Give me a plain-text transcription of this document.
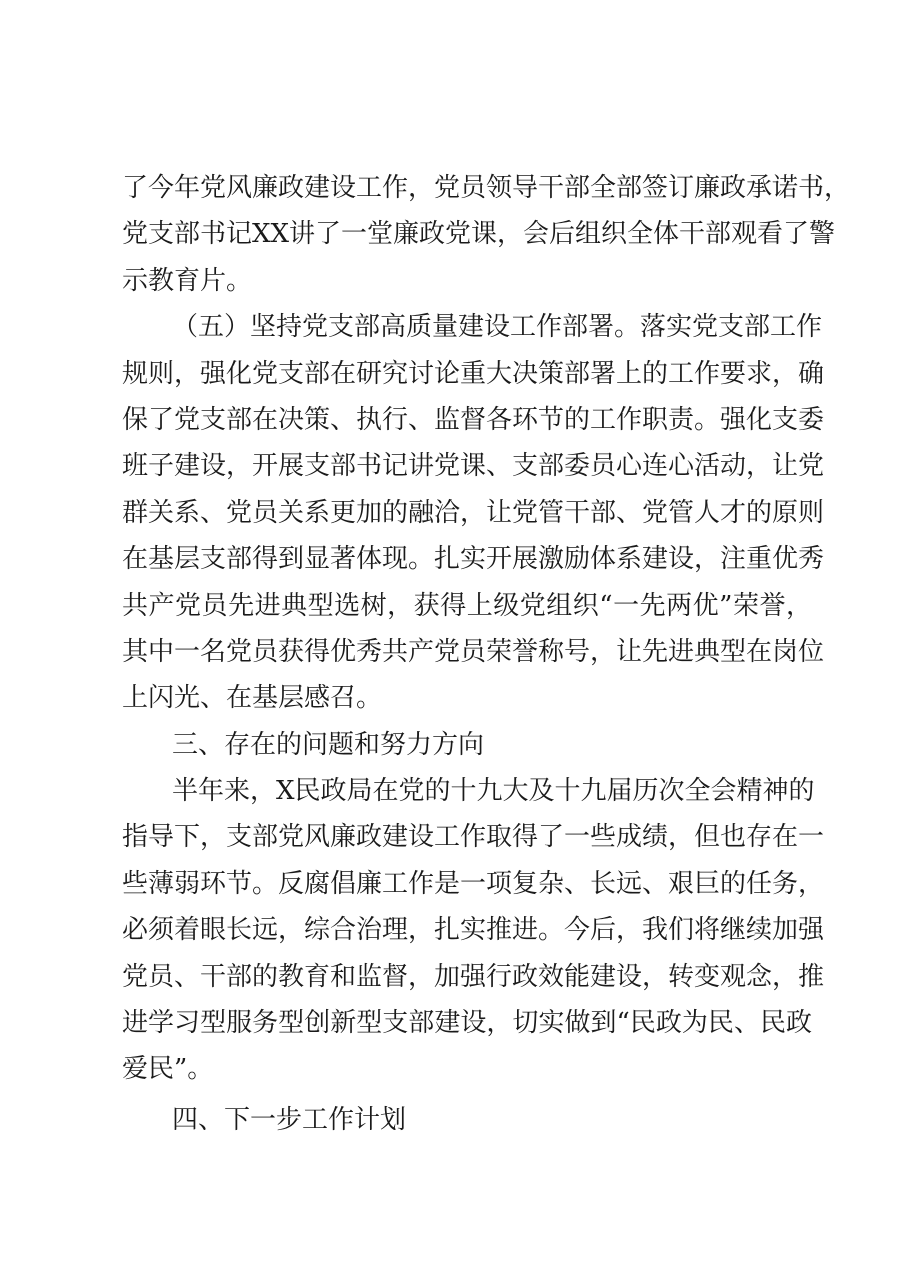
了今年党风廉政建设工作，党员领导干部全部签订廉政承诺书，
党支部书记XX讲了一堂廉政党课，会后组织全体干部观看了警
示教育片。
（五）坚持党支部高质量建设工作部署。落实党支部工作
规则，强化党支部在研究讨论重大决策部署上的工作要求，确
保了党支部在决策、执行、监督各环节的工作职责。强化支委
班子建设，开展支部书记讲党课、支部委员心连心活动，让党
群关系、党员关系更加的融洽，让党管干部、党管人才的原则
在基层支部得到显著体现。扎实开展激励体系建设，注重优秀
共产党员先进典型选树，获得上级党组织“一先两优”荣誉，
其中一名党员获得优秀共产党员荣誉称号，让先进典型在岗位
上闪光、在基层感召。
三、存在的问题和努力方向
半年来，X民政局在党的十九大及十九届历次全会精神的
指导下，支部党风廉政建设工作取得了一些成绩，但也存在一
些薄弱环节。反腐倡廉工作是一项复杂、长远、艰巨的任务，
必须着眼长远，综合治理，扎实推进。今后，我们将继续加强
党员、干部的教育和监督，加强行政效能建设，转变观念，推
进学习型服务型创新型支部建设，切实做到“民政为民、民政
爱民”。
四、下一步工作计划
